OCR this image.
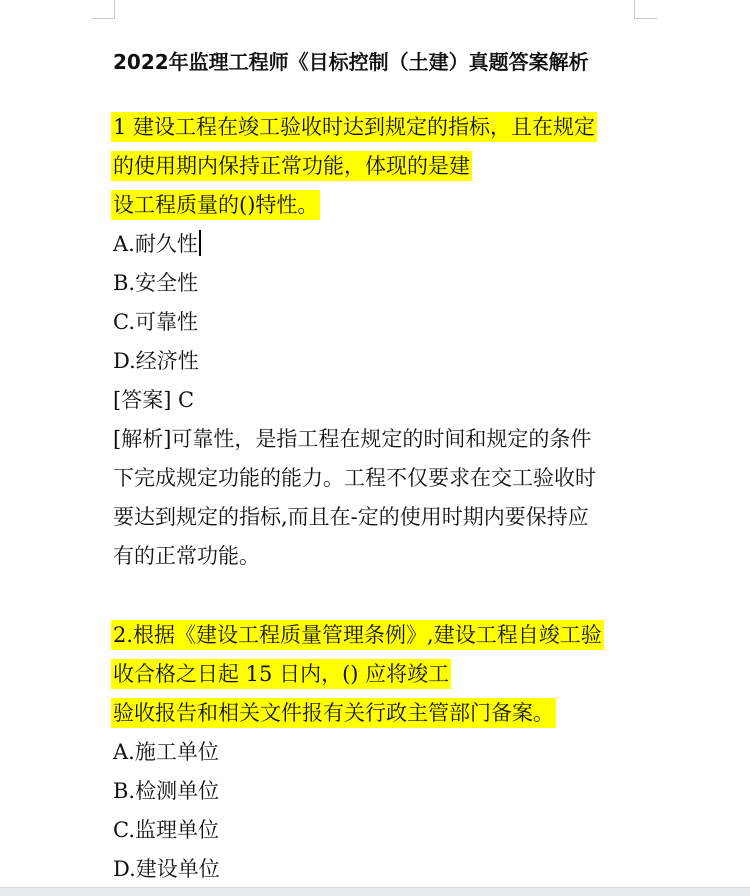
2022年监理工程师《目标控制（土建）真题答案解析
1 建设工程在竣工验收时达到规定的指标，且在规定
的使用期内保持正常功能，体现的是建
设工程质量的()特性。
A.耐久性
B.安全性
C.可靠性
D.经济性
[答案] C
[解析]可靠性，是指工程在规定的时间和规定的条件
下完成规定功能的能力。工程不仅要求在交工验收时
要达到规定的指标,而且在-定的使用时期内要保持应
有的正常功能。
2.根据《建设工程质量管理条例》,建设工程自竣工验
收合格之日起 15 日内，() 应将竣工
验收报告和相关文件报有关行政主管部门备案。
A.施工单位
B.检测单位
C.监理单位
D.建设单位
